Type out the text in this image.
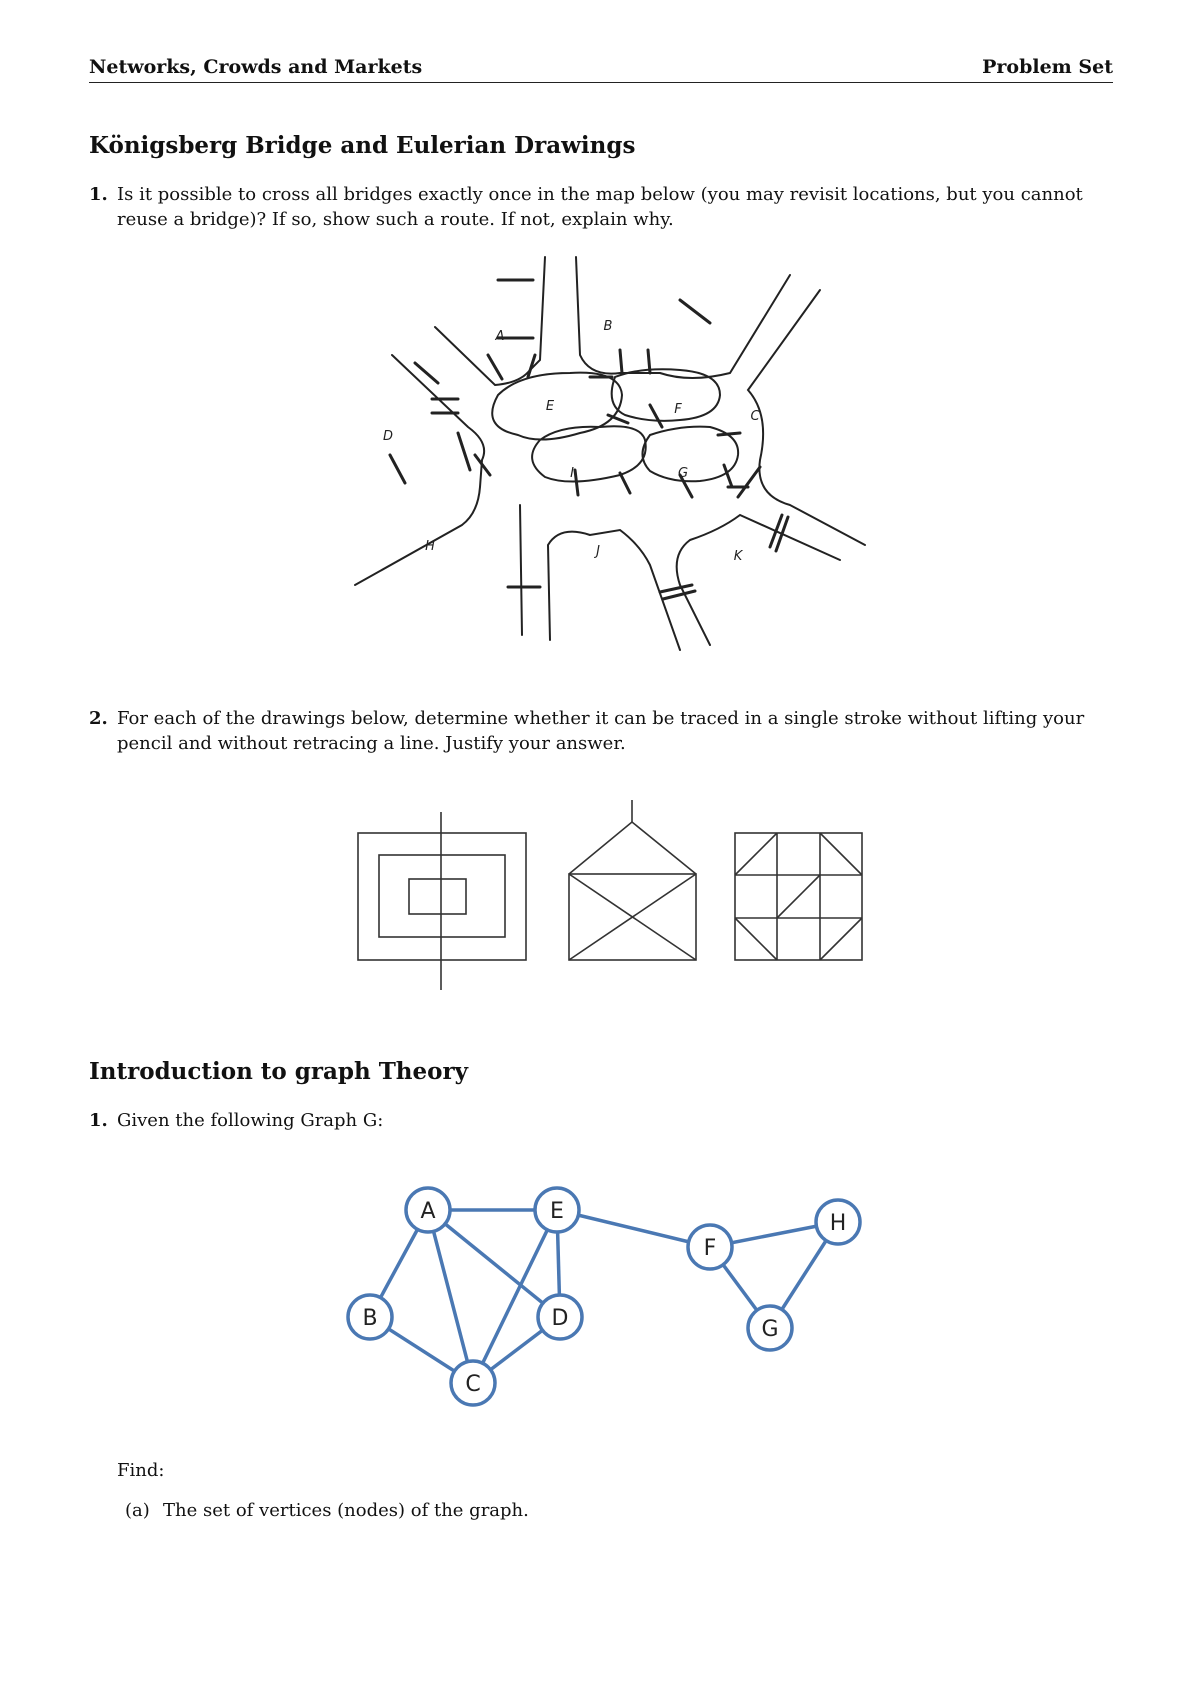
Networks, Crowds and Markets	Problem Set
Königsberg Bridge and Eulerian Drawings
1. Is it possible to cross all bridges exactly once in the map below (you may revisit locations, but you cannot reuse a bridge)? If so, show such a route. If not, explain why.
A
B
C
D
E	F
G
H
I
J	K
2. For each of the drawings below, determine whether it can be traced in a single stroke without lifting your pencil and without retracing a line. Justify your answer.
Introduction to graph Theory
1. Given the following Graph G:
A	E
F
H
B	D	G
C
Find:
(a) The set of vertices (nodes) of the graph.
